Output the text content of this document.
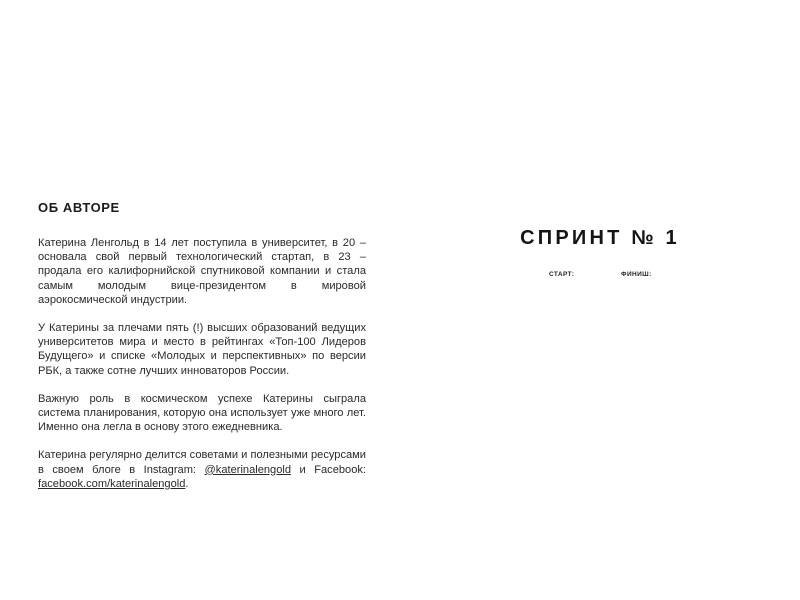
ОБ АВТОРЕ

Катерина Ленгольд в 14 лет поступила в университет, в 20 – основала свой первый технологический стартап, в 23 – продала его калифорнийской спутниковой компании и стала самым молодым вице-президентом в мировой аэрокосмической индустрии.

У Катерины за плечами пять (!) высших образований ведущих университетов мира и место в рейтингах «Топ-100 Лидеров Будущего» и списке «Молодых и перспективных» по версии РБК, а также сотне лучших инноваторов России.

Важную роль в космическом успехе Катерины сыграла система планирования, которую она использует уже много лет. Именно она легла в основу этого ежедневника.

Катерина регулярно делится советами и полезными ресурсами в своем блоге в Instagram: @katerinalengold и Facebook: facebook.com/katerinalengold.

СПРИНТ № 1
СТАРТ:	ФИНИШ:
